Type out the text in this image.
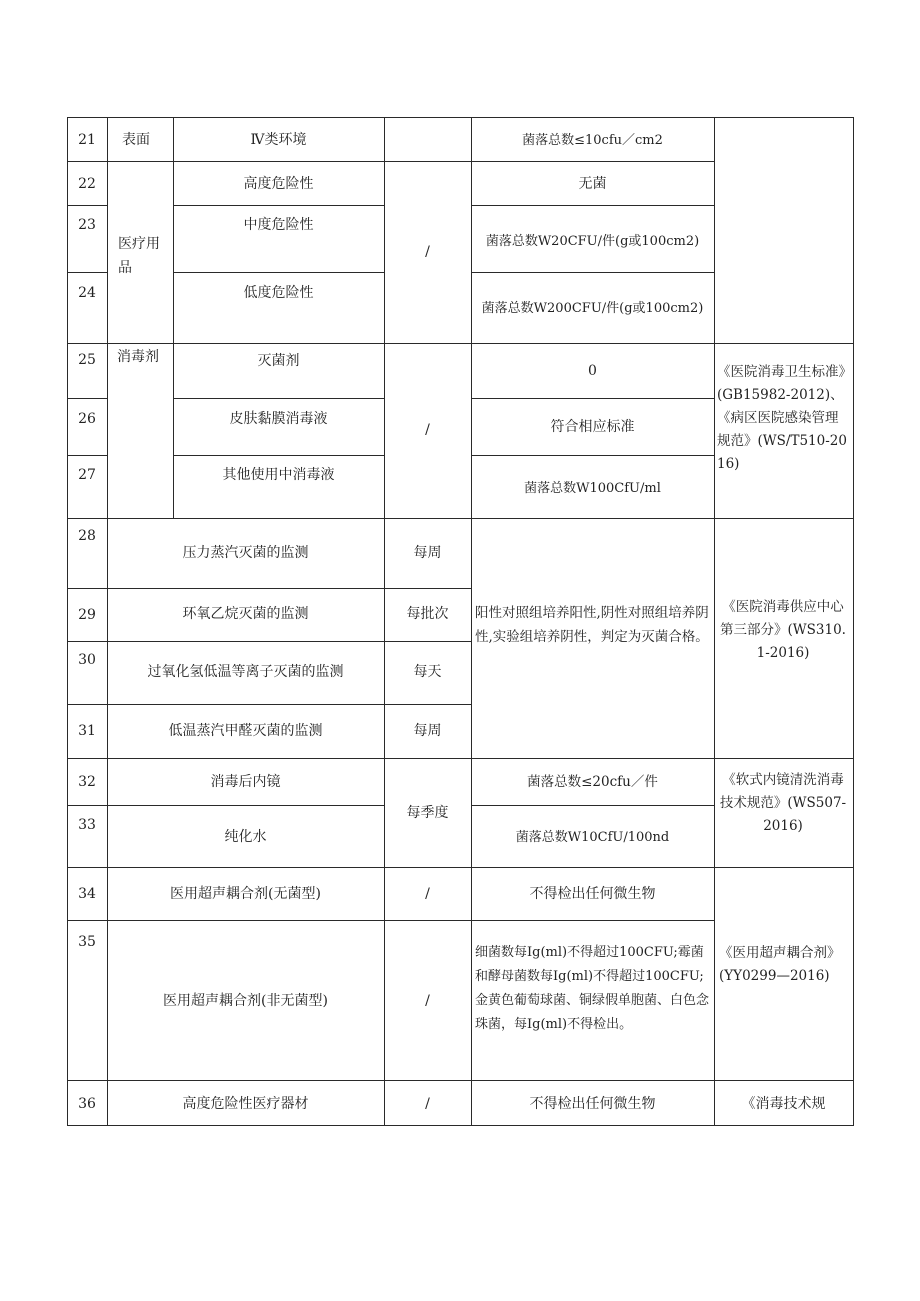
21
22
23
24
25
26
27
28
29
30
31
32
33
34
35
36
表面
医疗用品
消毒剂
Ⅳ类环境
高度危险性
中度危险性
低度危险性
灭菌剂
皮肤黏膜消毒液
其他使用中消毒液
压力蒸汽灭菌的监测
环氧乙烷灭菌的监测
过氧化氢低温等离子灭菌的监测
低温蒸汽甲醛灭菌的监测
消毒后内镜
纯化水
医用超声耦合剂(无菌型)
医用超声耦合剂(非无菌型)
高度危险性医疗器材
/
/
每周
每批次
每天
每周
每季度
/
/
/
菌落总数≤10cfu／cm2
无菌
菌落总数W20CFU/件(g或100cm2)
菌落总数W200CFU/件(g或100cm2)
0
符合相应标准
菌落总数W100CfU/ml
阳性对照组培养阳性,阴性对照组培养阴性,实验组培养阴性，判定为灭菌合格。
菌落总数≤20cfu／件
菌落总数W10CfU/100nd
不得检出任何微生物
细菌数每Ig(ml)不得超过100CFU;霉菌和酵母菌数每Ig(ml)不得超过100CFU;金黄色葡萄球菌、铜绿假单胞菌、白色念珠菌，每Ig(ml)不得检出。
不得检出任何微生物
《医院消毒卫生标准》(GB15982-2012)、《病区医院感染管理规范》(WS/T510-2016)
《医院消毒供应中心第三部分》(WS310.1-2016)
《软式内镜清洗消毒技术规范》(WS507-2016)
《医用超声耦合剂》(YY0299—2016)
《消毒技术规
